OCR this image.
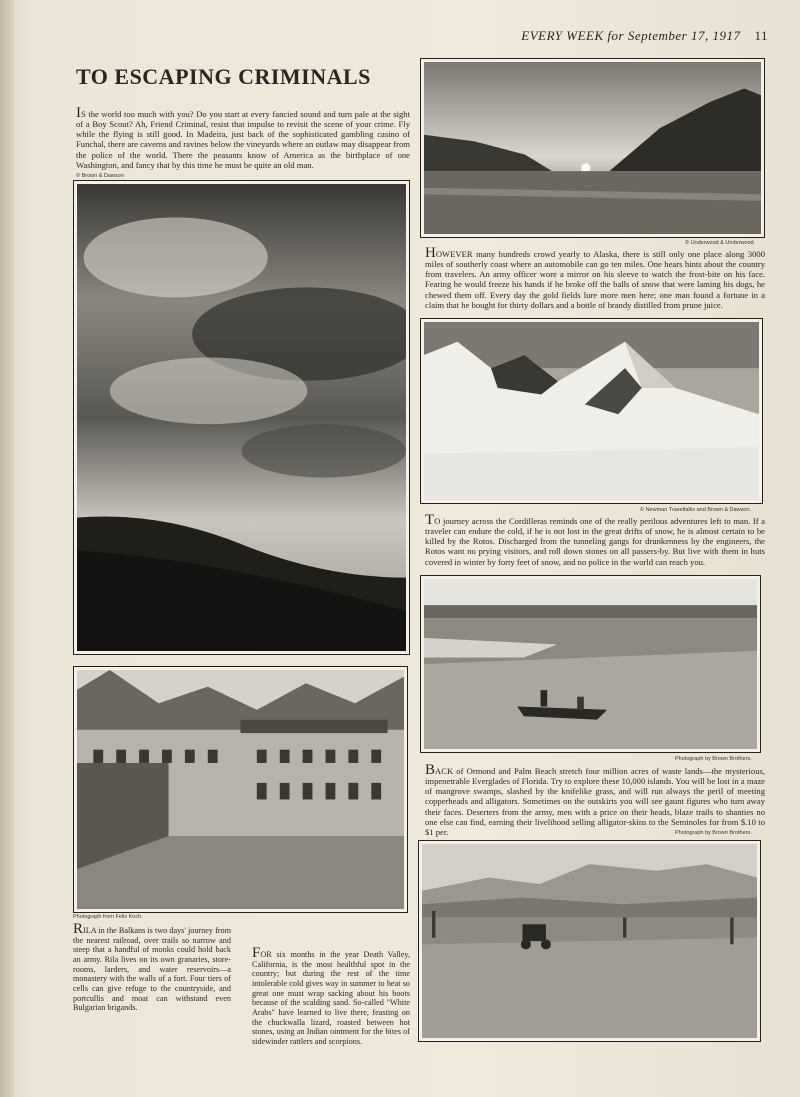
EVERY WEEK for September 17, 1917 11
TO ESCAPING CRIMINALS
IS the world too much with you? Do you start at every fancied sound and turn pale at the sight of a Boy Scout? Ah, Friend Criminal, resist that impulse to revisit the scene of your crime. Fly while the flying is still good. In Madeira, just back of the sophisticated gambling casino of Funchal, there are caverns and ravines below the vineyards where an outlaw may disappear from the police of the world. There the peasants know of America as the birthplace of one Washington, and fancy that by this time he must be quite an old man.
© Brown & Dawson
Photograph from Felix Koch.
RILA in the Balkans is two days' journey from the nearest railroad, over trails so narrow and steep that a handful of monks could hold back an army. Rila lives on its own granaries, store-rooms, larders, and water reservoirs—a monastery with the walls of a fort. Four tiers of cells can give refuge to the countryside, and portcullis and moat can withstand even Bulgarian brigands.
FOR six months in the year Death Valley, California, is the most healthful spot in the country; but during the rest of the time intolerable cold gives way in summer to heat so great one must wrap sacking about his boots because of the scalding sand. So-called "White Arabs" have learned to live there, feasting on the chuckwalla lizard, roasted between hot stones, using an Indian ointment for the bites of sidewinder rattlers and scorpions.
© Underwood & Underwood.
HOWEVER many hundreds crowd yearly to Alaska, there is still only one place along 3000 miles of southerly coast where an automobile can go ten miles. One hears hints about the country from travelers. An army officer wore a mirror on his sleeve to watch the frost-bite on his face. Fearing he would freeze his hands if he broke off the balls of snow that were laming his dogs, he chewed them off. Every day the gold fields lure more men here; one man found a fortune in a claim that he bought for thirty dollars and a bottle of brandy distilled from prune juice.
© Newman Traveltalks and Brown & Dawson.
TO journey across the Cordilleras reminds one of the really perilous adventures left to man. If a traveler can endure the cold, if he is not lost in the great drifts of snow, he is almost certain to be killed by the Rotos. Discharged from the tunneling gangs for drunkenness by the engineers, the Rotos want no prying visitors, and roll down stones on all passers-by. But live with them in huts covered in winter by forty feet of snow, and no police in the world can reach you.
Photograph by Brown Brothers.
BACK of Ormond and Palm Beach stretch four million acres of waste lands—the mysterious, impenetrable Everglades of Florida. Try to explore these 10,000 islands. You will be lost in a maze of mangrove swamps, slashed by the knifelike grass, and will run always the peril of meeting copperheads and alligators. Sometimes on the outskirts you will see gaunt figures who turn away their faces. Deserters from the army, men with a price on their heads, blaze trails to shanties no one else can find, earning their livelihood selling alligator-skins to the Seminoles for from $.10 to $1 per.	Photograph by Brown Brothers.
